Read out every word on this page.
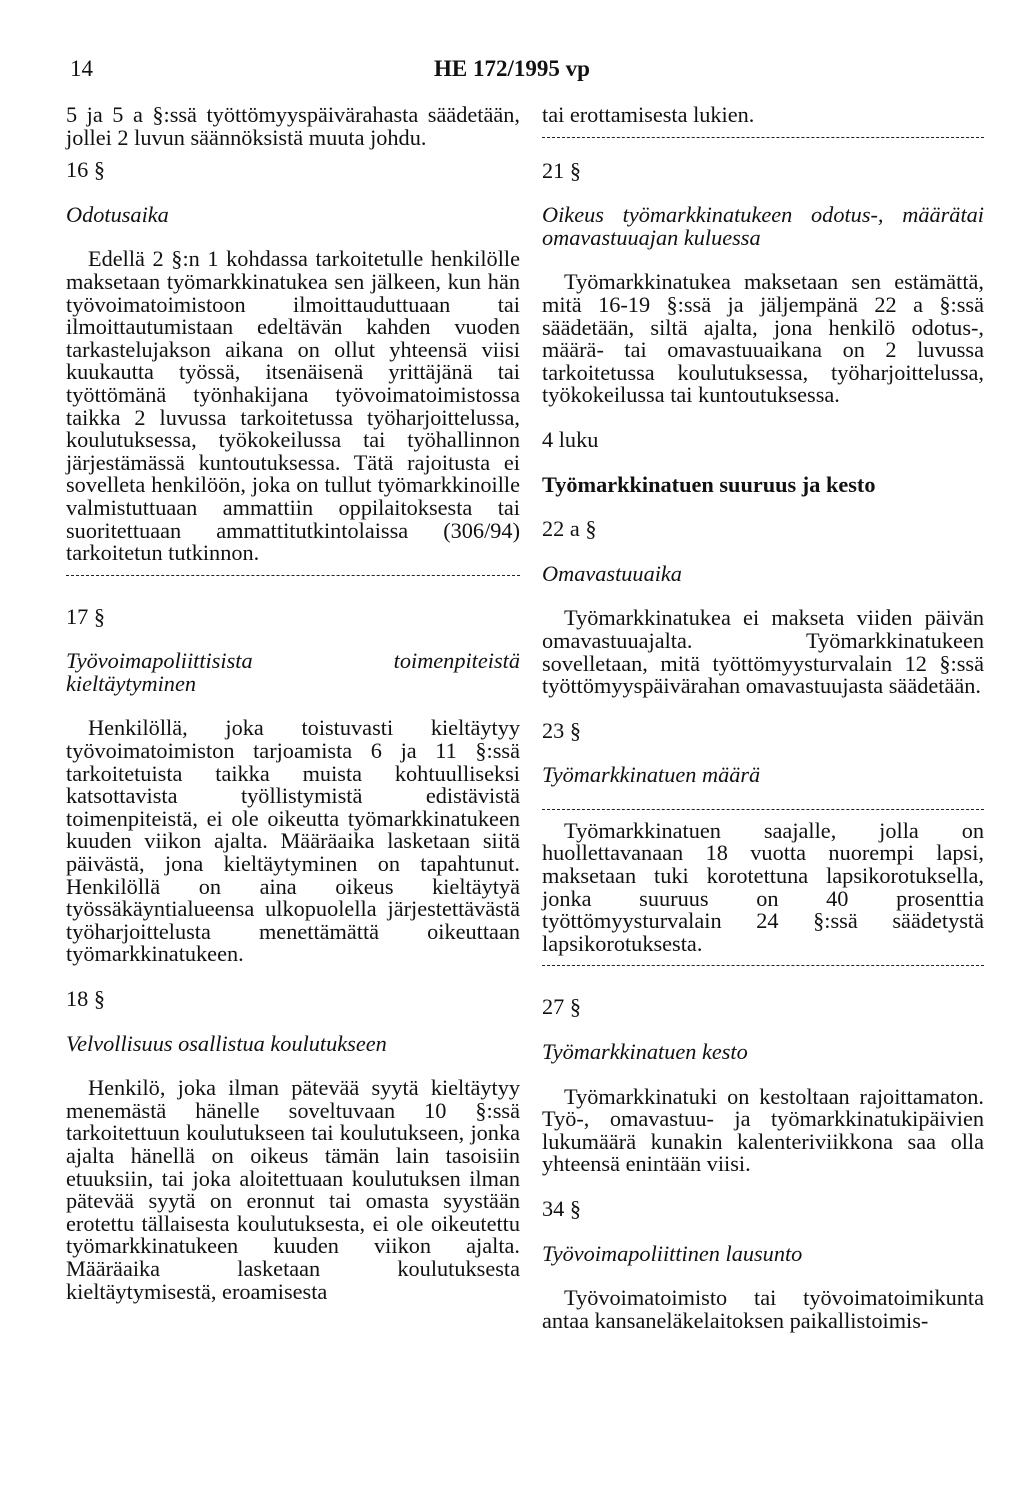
14	HE 172/1995 vp

5 ja 5 a §:ssä työttömyyspäivärahasta säädetään, jollei 2 luvun säännöksistä muuta johdu.

16 §

Odotusaika

Edellä 2 §:n 1 kohdassa tarkoitetulle henkilölle maksetaan työmarkkinatukea sen jälkeen, kun hän työvoimatoimistoon ilmoittauduttuaan tai ilmoittautumistaan edeltävän kahden vuoden tarkastelujakson aikana on ollut yhteensä viisi kuukautta työssä, itsenäisenä yrittäjänä tai työttömänä työnhakijana työvoimatoimistossa taikka 2 luvussa tarkoitetussa työharjoittelussa, koulutuksessa, työkokeilussa tai työhallinnon järjestämässä kuntoutuksessa. Tätä rajoitusta ei sovelleta henkilöön, joka on tullut työmarkkinoille valmistuttuaan ammattiin oppilaitoksesta tai suoritettuaan ammattitutkintolaissa (306/94) tarkoitetun tutkinnon.

17 §

Työvoimapoliittisista toimenpiteistä kieltäytyminen

Henkilöllä, joka toistuvasti kieltäytyy työvoimatoimiston tarjoamista 6 ja 11 §:ssä tarkoitetuista taikka muista kohtuulliseksi katsottavista työllistymistä edistävistä toimenpiteistä, ei ole oikeutta työmarkkinatukeen kuuden viikon ajalta. Määräaika lasketaan siitä päivästä, jona kieltäytyminen on tapahtunut. Henkilöllä on aina oikeus kieltäytyä työssäkäyntialueensa ulkopuolella järjestettävästä työharjoittelusta menettämättä oikeuttaan työmarkkinatukeen.

18 §

Velvollisuus osallistua koulutukseen

Henkilö, joka ilman pätevää syytä kieltäytyy menemästä hänelle soveltuvaan 10 §:ssä tarkoitettuun koulutukseen tai koulutukseen, jonka ajalta hänellä on oikeus tämän lain tasoisiin etuuksiin, tai joka aloitettuaan koulutuksen ilman pätevää syytä on eronnut tai omasta syystään erotettu tällaisesta koulutuksesta, ei ole oikeutettu työmarkkinatukeen kuuden viikon ajalta. Määräaika lasketaan koulutuksesta kieltäytymisestä, eroamisesta

tai erottamisesta lukien.

21 §

Oikeus työmarkkinatukeen odotus-, määrätai omavastuuajan kuluessa

Työmarkkinatukea maksetaan sen estämättä, mitä 16-19 §:ssä ja jäljempänä 22 a §:ssä säädetään, siltä ajalta, jona henkilö odotus-, määrä- tai omavastuuaikana on 2 luvussa tarkoitetussa koulutuksessa, työharjoittelussa, työkokeilussa tai kuntoutuksessa.

4 luku

Työmarkkinatuen suuruus ja kesto

22 a §

Omavastuuaika

Työmarkkinatukea ei makseta viiden päivän omavastuuajalta. Työmarkkinatukeen sovelletaan, mitä työttömyysturvalain 12 §:ssä työttömyyspäivärahan omavastuujasta säädetään.

23 §

Työmarkkinatuen määrä

Työmarkkinatuen saajalle, jolla on huollettavanaan 18 vuotta nuorempi lapsi, maksetaan tuki korotettuna lapsikorotuksella, jonka suuruus on 40 prosenttia työttömyysturvalain 24 §:ssä säädetystä lapsikorotuksesta.

27 §

Työmarkkinatuen kesto

Työmarkkinatuki on kestoltaan rajoittamaton. Työ-, omavastuu- ja työmarkkinatukipäivien lukumäärä kunakin kalenteriviikkona saa olla yhteensä enintään viisi.

34 §

Työvoimapoliittinen lausunto

Työvoimatoimisto tai työvoimatoimikunta antaa kansaneläkelaitoksen paikallistoimis-
